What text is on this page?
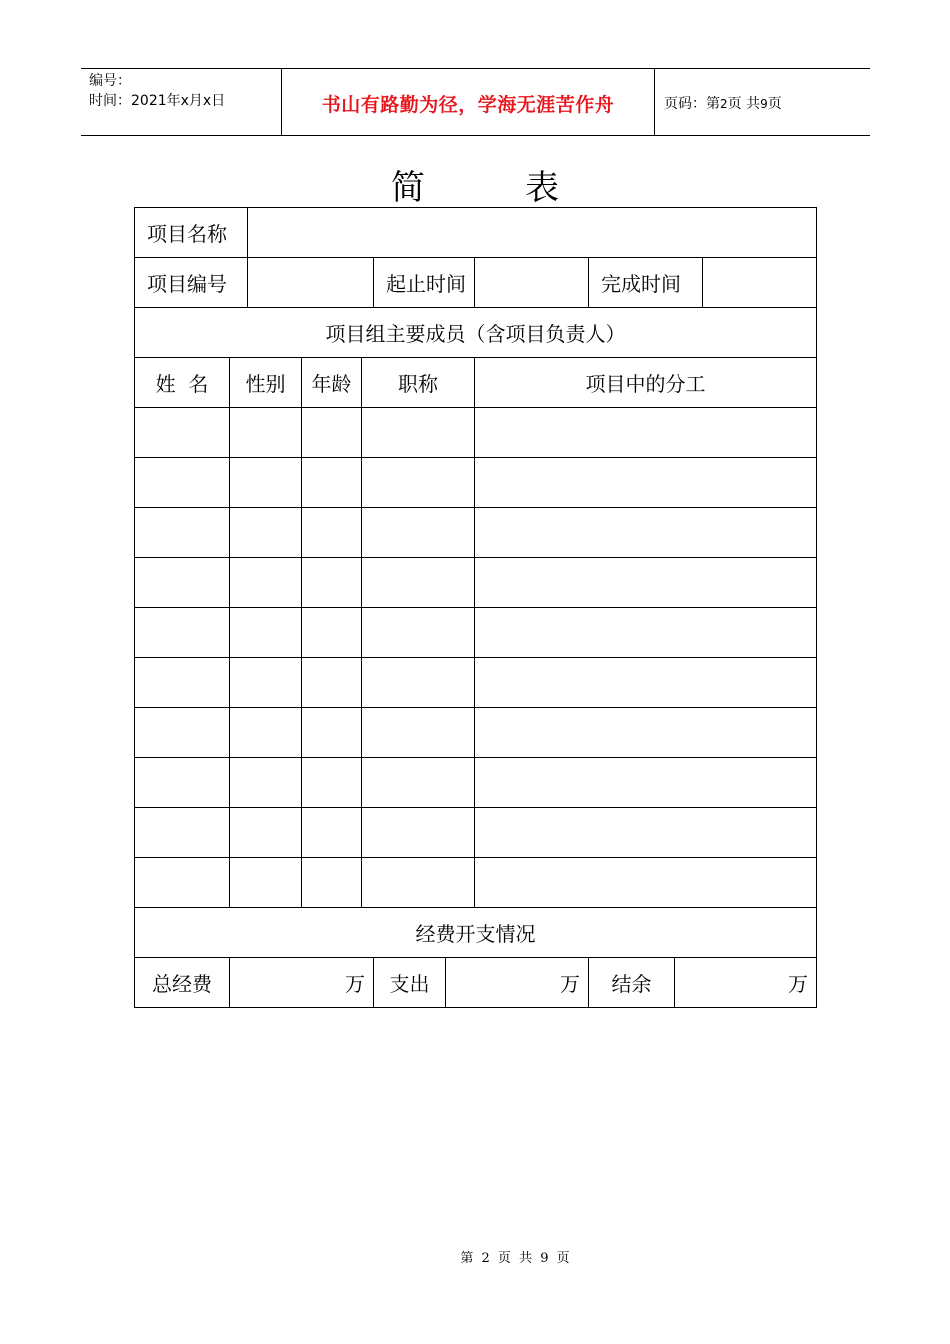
编号：
时间：2021年x月x日	书山有路勤为径，学海无涯苦作舟	页码：第2页 共9页
简表
项目名称										
项目编号					起止时间			完成时间		
项目组主要成员（含项目负责人）										
姓  名	性别		年龄	职称			项目中的分工			

经费开支情况										
总经费	万				支出	万		结余	万	
第 2 页 共 9 页
